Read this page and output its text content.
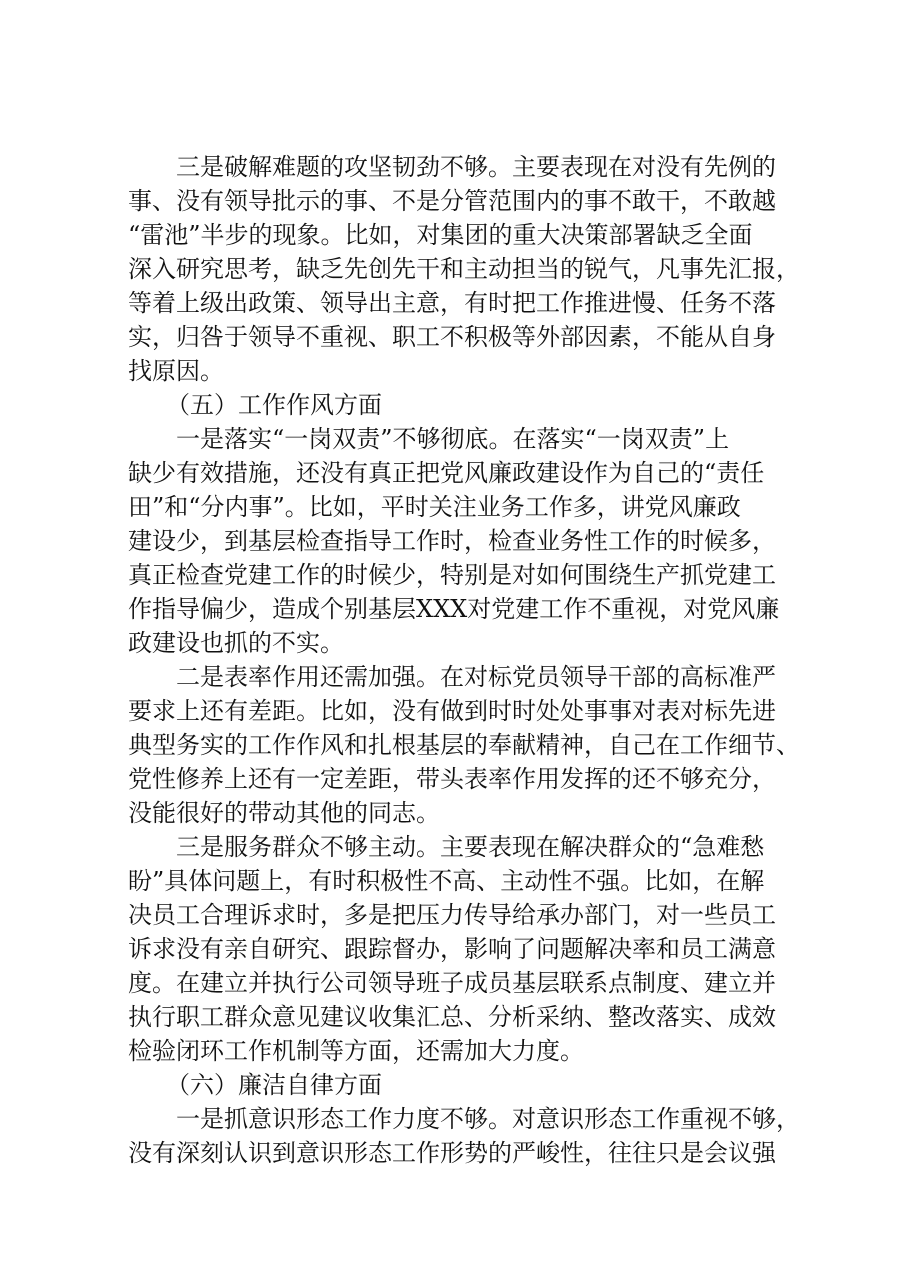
三是破解难题的攻坚韧劲不够。主要表现在对没有先例的
事、没有领导批示的事、不是分管范围内的事不敢干，不敢越
“雷池”半步的现象。比如，对集团的重大决策部署缺乏全面
深入研究思考，缺乏先创先干和主动担当的锐气，凡事先汇报，
等着上级出政策、领导出主意，有时把工作推进慢、任务不落
实，归咎于领导不重视、职工不积极等外部因素，不能从自身
找原因。
（五）工作作风方面
一是落实“一岗双责”不够彻底。在落实“一岗双责”上
缺少有效措施，还没有真正把党风廉政建设作为自己的“责任
田”和“分内事”。比如，平时关注业务工作多，讲党风廉政
建设少，到基层检查指导工作时，检查业务性工作的时候多，
真正检查党建工作的时候少，特别是对如何围绕生产抓党建工
作指导偏少，造成个别基层XXX对党建工作不重视，对党风廉
政建设也抓的不实。
二是表率作用还需加强。在对标党员领导干部的高标准严
要求上还有差距。比如，没有做到时时处处事事对表对标先进
典型务实的工作作风和扎根基层的奉献精神，自己在工作细节、
党性修养上还有一定差距，带头表率作用发挥的还不够充分，
没能很好的带动其他的同志。
三是服务群众不够主动。主要表现在解决群众的“急难愁
盼”具体问题上，有时积极性不高、主动性不强。比如，在解
决员工合理诉求时，多是把压力传导给承办部门，对一些员工
诉求没有亲自研究、跟踪督办，影响了问题解决率和员工满意
度。在建立并执行公司领导班子成员基层联系点制度、建立并
执行职工群众意见建议收集汇总、分析采纳、整改落实、成效
检验闭环工作机制等方面，还需加大力度。
（六）廉洁自律方面
一是抓意识形态工作力度不够。对意识形态工作重视不够，
没有深刻认识到意识形态工作形势的严峻性，往往只是会议强
